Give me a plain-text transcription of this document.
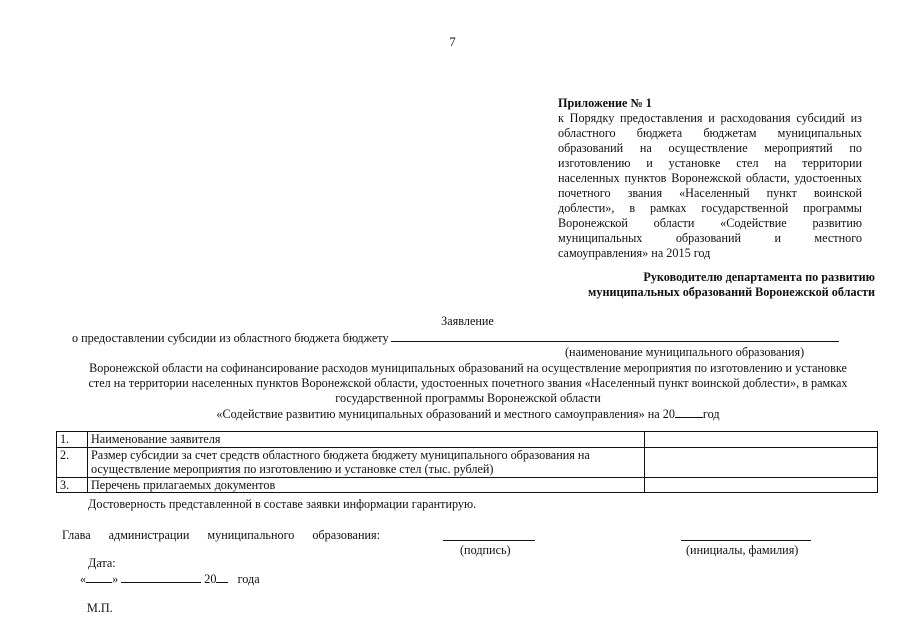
7
Приложение № 1
к Порядку предоставления и расходования субсидий из областного бюджета бюджетам муниципальных образований на осуществление мероприятий по изготовлению и установке стел на территории населенных пунктов Воронежской области, удостоенных почетного звания «Населенный пункт воинской доблести», в рамках государственной программы Воронежской области «Содействие развитию муниципальных образований и местного самоуправления» на 2015 год
Руководителю департамента по развитию
муниципальных образований Воронежской области
Заявление
о предоставлении субсидии из областного бюджета бюджету
(наименование муниципального образования)
Воронежской области на софинансирование расходов муниципальных образований на осуществление мероприятия по изготовлению и установке
стел на территории населенных пунктов Воронежской области, удостоенных почетного звания «Населенный пункт воинской доблести», в рамках
государственной программы Воронежской области
«Содействие развитию муниципальных образований и местного самоуправления» на 20 год
1.	Наименование заявителя	
2.	Размер субсидии за счет средств областного бюджета бюджету муниципального образования на осуществление мероприятия по изготовлению и установке стел (тыс. рублей)	
3.	Перечень прилагаемых документов	
Достоверность представленной в составе заявки информации гарантирую.
Глава администрации муниципального образования:
(подпись)	(инициалы, фамилия)
Дата:
« »	20 года
М.П.
